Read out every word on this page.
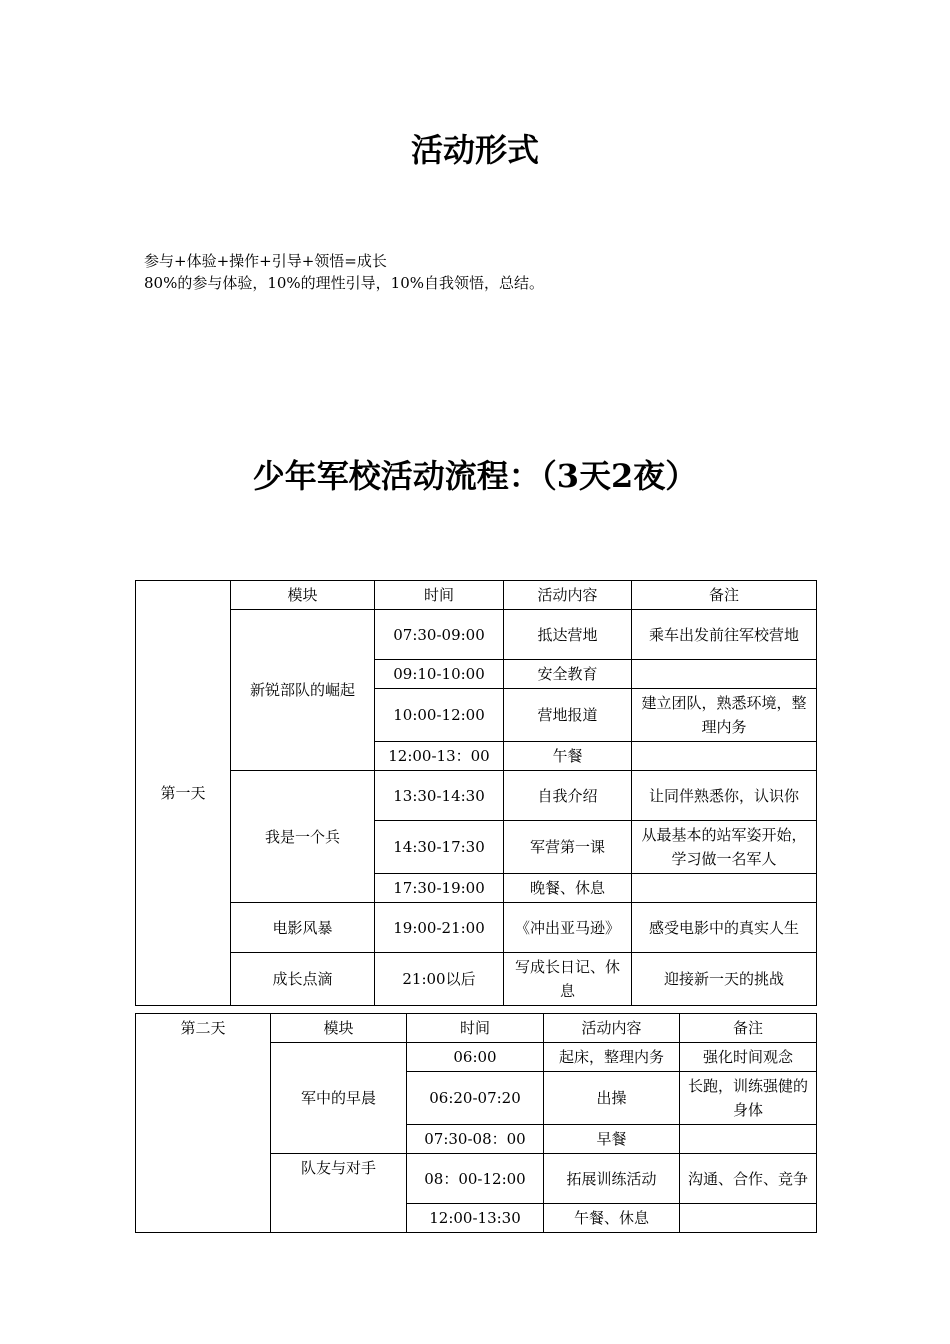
活动形式
参与+体验+操作+引导+领悟=成长
80%的参与体验，10%的理性引导，10%自我领悟，总结。
少年军校活动流程：（3天2夜）
第一天	模块	时间	活动内容	备注
	新锐部队的崛起	07:30-09:00	抵达营地	乘车出发前往军校营地
		09:10-10:00	安全教育	
		10:00-12:00	营地报道	建立团队，熟悉环境，整理内务
		12:00-13：00	午餐	
	我是一个兵	13:30-14:30	自我介绍	让同伴熟悉你，认识你
		14:30-17:30	军营第一课	从最基本的站军姿开始，学习做一名军人
		17:30-19:00	晚餐、休息	
	电影风暴	19:00-21:00	《冲出亚马逊》	感受电影中的真实人生
	成长点滴	21:00以后	写成长日记、休息	迎接新一天的挑战
第二天	模块	时间	活动内容	备注
	军中的早晨	06:00	起床，整理内务	强化时间观念
		06:20-07:20	出操	长跑，训练强健的身体
		07:30-08：00	早餐	
	队友与对手	08：00-12:00	拓展训练活动	沟通、合作、竞争
		12:00-13:30	午餐、休息	
